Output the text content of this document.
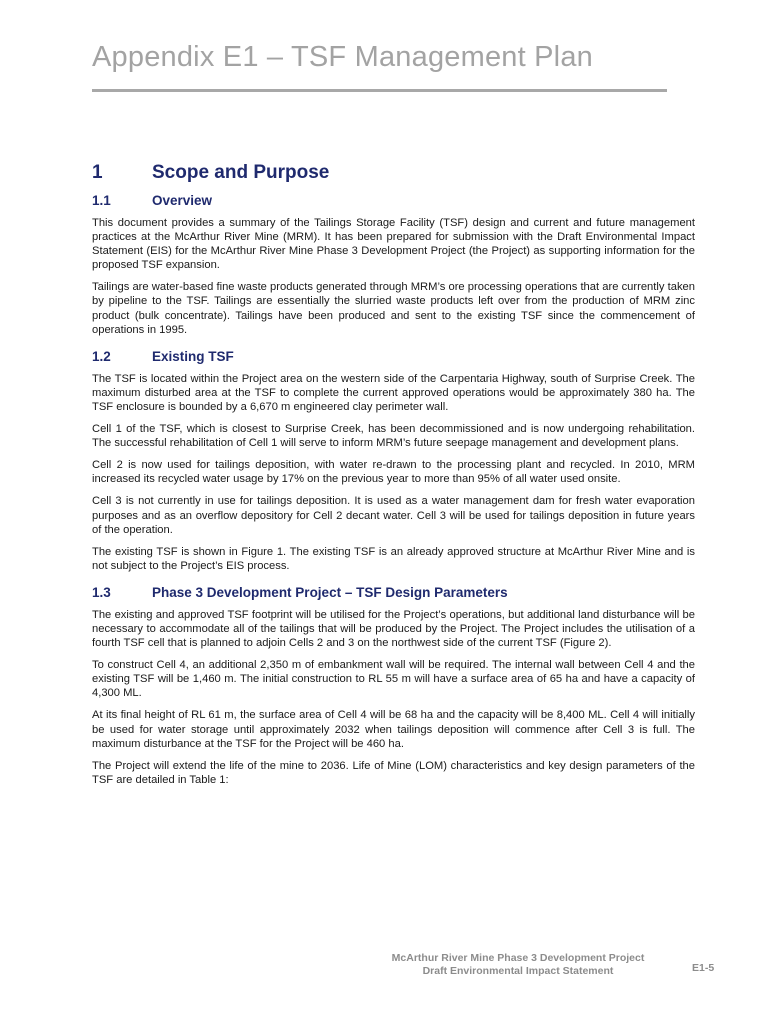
Appendix E1 – TSF Management Plan
1	Scope and Purpose
1.1	Overview

This document provides a summary of the Tailings Storage Facility (TSF) design and current and future management practices at the McArthur River Mine (MRM). It has been prepared for submission with the Draft Environmental Impact Statement (EIS) for the McArthur River Mine Phase 3 Development Project (the Project) as supporting information for the proposed TSF expansion.

Tailings are water-based fine waste products generated through MRM’s ore processing operations that are currently taken by pipeline to the TSF. Tailings are essentially the slurried waste products left over from the production of MRM zinc product (bulk concentrate). Tailings have been produced and sent to the existing TSF since the commencement of operations in 1995.

1.2	Existing TSF

The TSF is located within the Project area on the western side of the Carpentaria Highway, south of Surprise Creek. The maximum disturbed area at the TSF to complete the current approved operations would be approximately 380 ha. The TSF enclosure is bounded by a 6,670 m engineered clay perimeter wall.

Cell 1 of the TSF, which is closest to Surprise Creek, has been decommissioned and is now undergoing rehabilitation. The successful rehabilitation of Cell 1 will serve to inform MRM’s future seepage management and development plans.

Cell 2 is now used for tailings deposition, with water re-drawn to the processing plant and recycled. In 2010, MRM increased its recycled water usage by 17% on the previous year to more than 95% of all water used onsite.

Cell 3 is not currently in use for tailings deposition. It is used as a water management dam for fresh water evaporation purposes and as an overflow depository for Cell 2 decant water. Cell 3 will be used for tailings deposition in future years of the operation.

The existing TSF is shown in Figure 1. The existing TSF is an already approved structure at McArthur River Mine and is not subject to the Project’s EIS process.

1.3	Phase 3 Development Project – TSF Design Parameters

The existing and approved TSF footprint will be utilised for the Project’s operations, but additional land disturbance will be necessary to accommodate all of the tailings that will be produced by the Project. The Project includes the utilisation of a fourth TSF cell that is planned to adjoin Cells 2 and 3 on the northwest side of the current TSF (Figure 2).

To construct Cell 4, an additional 2,350 m of embankment wall will be required. The internal wall between Cell 4 and the existing TSF will be 1,460 m. The initial construction to RL 55 m will have a surface area of 65 ha and have a capacity of 4,300 ML.

At its final height of RL 61 m, the surface area of Cell 4 will be 68 ha and the capacity will be 8,400 ML. Cell 4 will initially be used for water storage until approximately 2032 when tailings deposition will commence after Cell 3 is full. The maximum disturbance at the TSF for the Project will be 460 ha.

The Project will extend the life of the mine to 2036. Life of Mine (LOM) characteristics and key design parameters of the TSF are detailed in Table 1:

McArthur River Mine Phase 3 Development Project
Draft Environmental Impact Statement	E1-5
